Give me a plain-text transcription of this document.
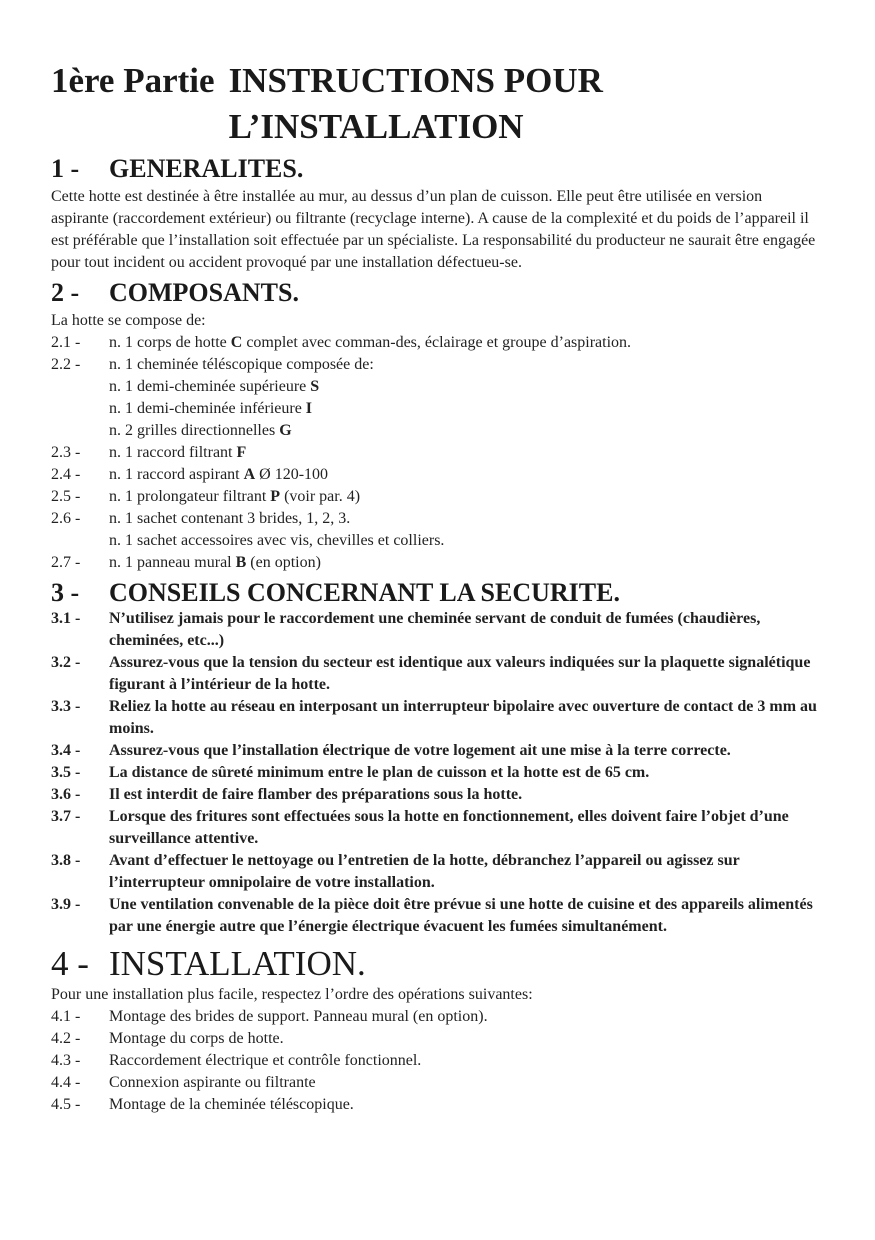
1ère Partie INSTRUCTIONS POUR
L’INSTALLATION
1 -	GENERALITES.

Cette hotte est destinée à être installée au mur, au dessus d’un plan de cuisson. Elle peut être utilisée en version aspirante (raccordement extérieur) ou filtrante (recyclage interne). A cause de la complexité et du poids de l’appareil il est préférable que l’installation soit effectuée par un spécialiste. La responsabilité du producteur ne saurait être engagée pour tout incident ou accident provoqué par une installation défectueu-se.

2 -	COMPOSANTS.

La hotte se compose de:

2.1 -	n. 1 corps de hotte C complet avec comman-des, éclairage et groupe d’aspiration.
2.2 -	n. 1 cheminée téléscopique composée de:
n. 1 demi-cheminée supérieure S
n. 1 demi-cheminée inférieure I
n. 2 grilles directionnelles G
2.3 -	n. 1 raccord filtrant F
2.4 -	n. 1 raccord aspirant A Ø 120-100
2.5 -	n. 1 prolongateur filtrant P (voir par. 4)
2.6 -	n. 1 sachet contenant 3 brides, 1, 2, 3.
n. 1 sachet accessoires avec vis, chevilles et colliers.
2.7 -	n. 1 panneau mural B (en option)
3 -	CONSEILS CONCERNANT LA SECURITE.
3.1 -	N’utilisez jamais pour le raccordement une cheminée servant de conduit de fumées (chaudières, cheminées, etc...)
3.2 -	Assurez-vous que la tension du secteur est identique aux valeurs indiquées sur la plaquette signalétique figurant à l’intérieur de la hotte.
3.3 -	Reliez la hotte au réseau en interposant un interrupteur bipolaire avec ouverture de contact de 3 mm au moins.
3.4 -	Assurez-vous que l’installation électrique de votre logement ait une mise à la terre correcte.
3.5 -	La distance de sûreté minimum entre le plan de cuisson et la hotte est de 65 cm.
3.6 -	Il est interdit de faire flamber des préparations sous la hotte.
3.7 -	Lorsque des fritures sont effectuées sous la hotte en fonctionnement, elles doivent faire l’objet d’une surveillance attentive.
3.8 -	Avant d’effectuer le nettoyage ou l’entretien de la hotte, débranchez l’appareil ou agissez sur l’interrupteur omnipolaire de votre installation.
3.9 -	Une ventilation convenable de la pièce doit être prévue si une hotte de cuisine et des appareils alimentés par une énergie autre que l’énergie électrique évacuent les fumées simultanément.
4 - INSTALLATION.

Pour une installation plus facile, respectez l’ordre des opérations suivantes:

4.1 -	Montage des brides de support. Panneau mural (en option).
4.2 -	Montage du corps de hotte.
4.3 -	Raccordement électrique et contrôle fonctionnel.
4.4 -	Connexion aspirante ou filtrante
4.5 -	Montage de la cheminée téléscopique.
